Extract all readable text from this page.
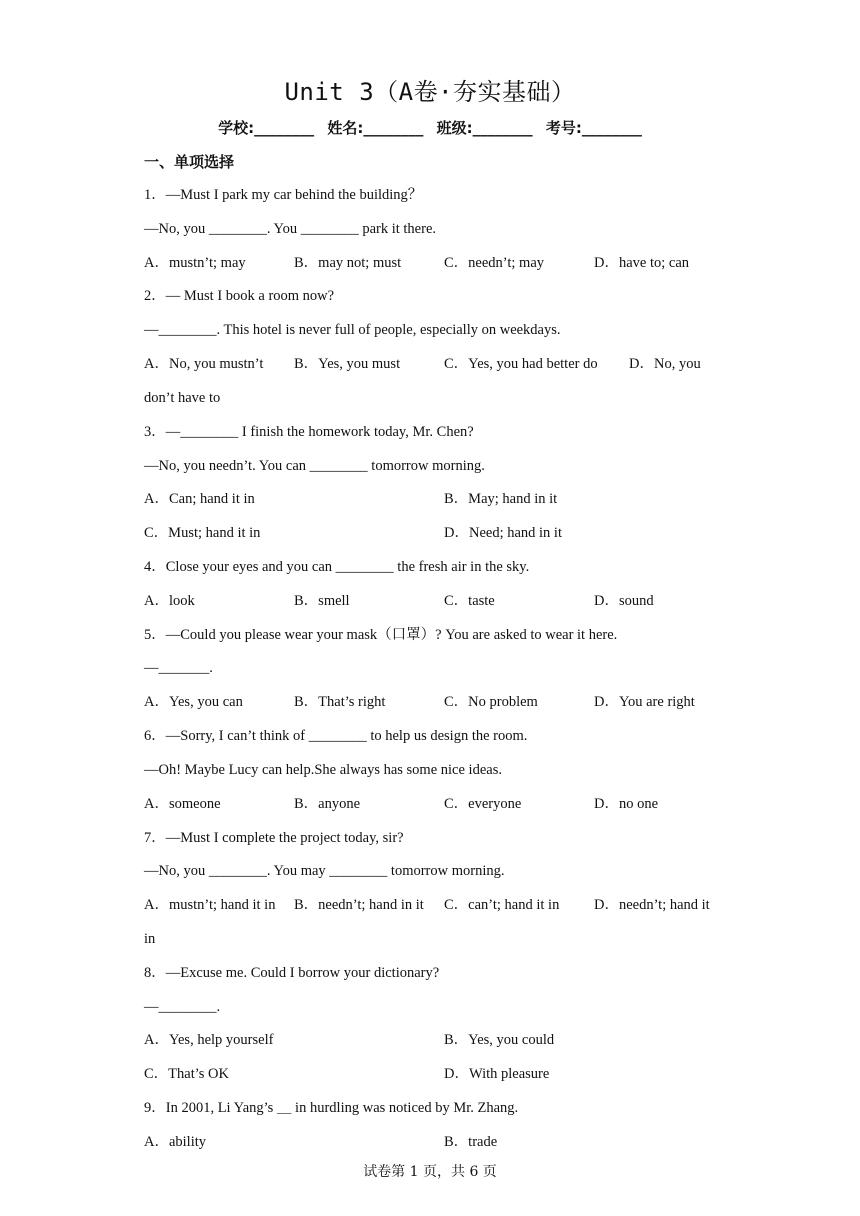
Unit 3（A卷·夯实基础）
学校:________ 姓名:________ 班级:________ 考号:________
一、单项选择
1．—Must I park my car behind the building？
—No, you ________. You ________ park it there.
A．mustn’t; may	B．may not; must	C．needn’t; may	D．have to; can
2．— Must I book a room now?
—________. This hotel is never full of people, especially on weekdays.
A．No, you mustn’t B．Yes, you must	C．Yes, you had better do D．No, you
don’t have to
3．—________ I finish the homework today, Mr. Chen?
—No, you needn’t. You can ________ tomorrow morning.
A．Can; hand it in	B．May; hand in it
C．Must; hand it in	D．Need; hand in it
4．Close your eyes and you can ________ the fresh air in the sky.
A．look	B．smell	C．taste	D．sound
5．—Could you please wear your mask（口罩）? You are asked to wear it here.
—_______.
A．Yes, you can	B．That’s right	C．No problem	D．You are right
6．—Sorry, I can’t think of ________ to help us design the room.
—Oh! Maybe Lucy can help.She always has some nice ideas.
A．someone	B．anyone	C．everyone	D．no one
7．—Must I complete the project today, sir?
—No, you ________. You may ________ tomorrow morning.
A．mustn’t; hand it in B．needn’t; hand in it C．can’t; hand it in D．needn’t; hand it
in
8．—Excuse me. Could I borrow your dictionary?
—________.
A．Yes, help yourself	B．Yes, you could
C．That’s OK	D．With pleasure
9．In 2001, Li Yang’s ＿ in hurdling was noticed by Mr. Zhang.
A．ability	B．trade
试卷第 1 页，共 6 页
